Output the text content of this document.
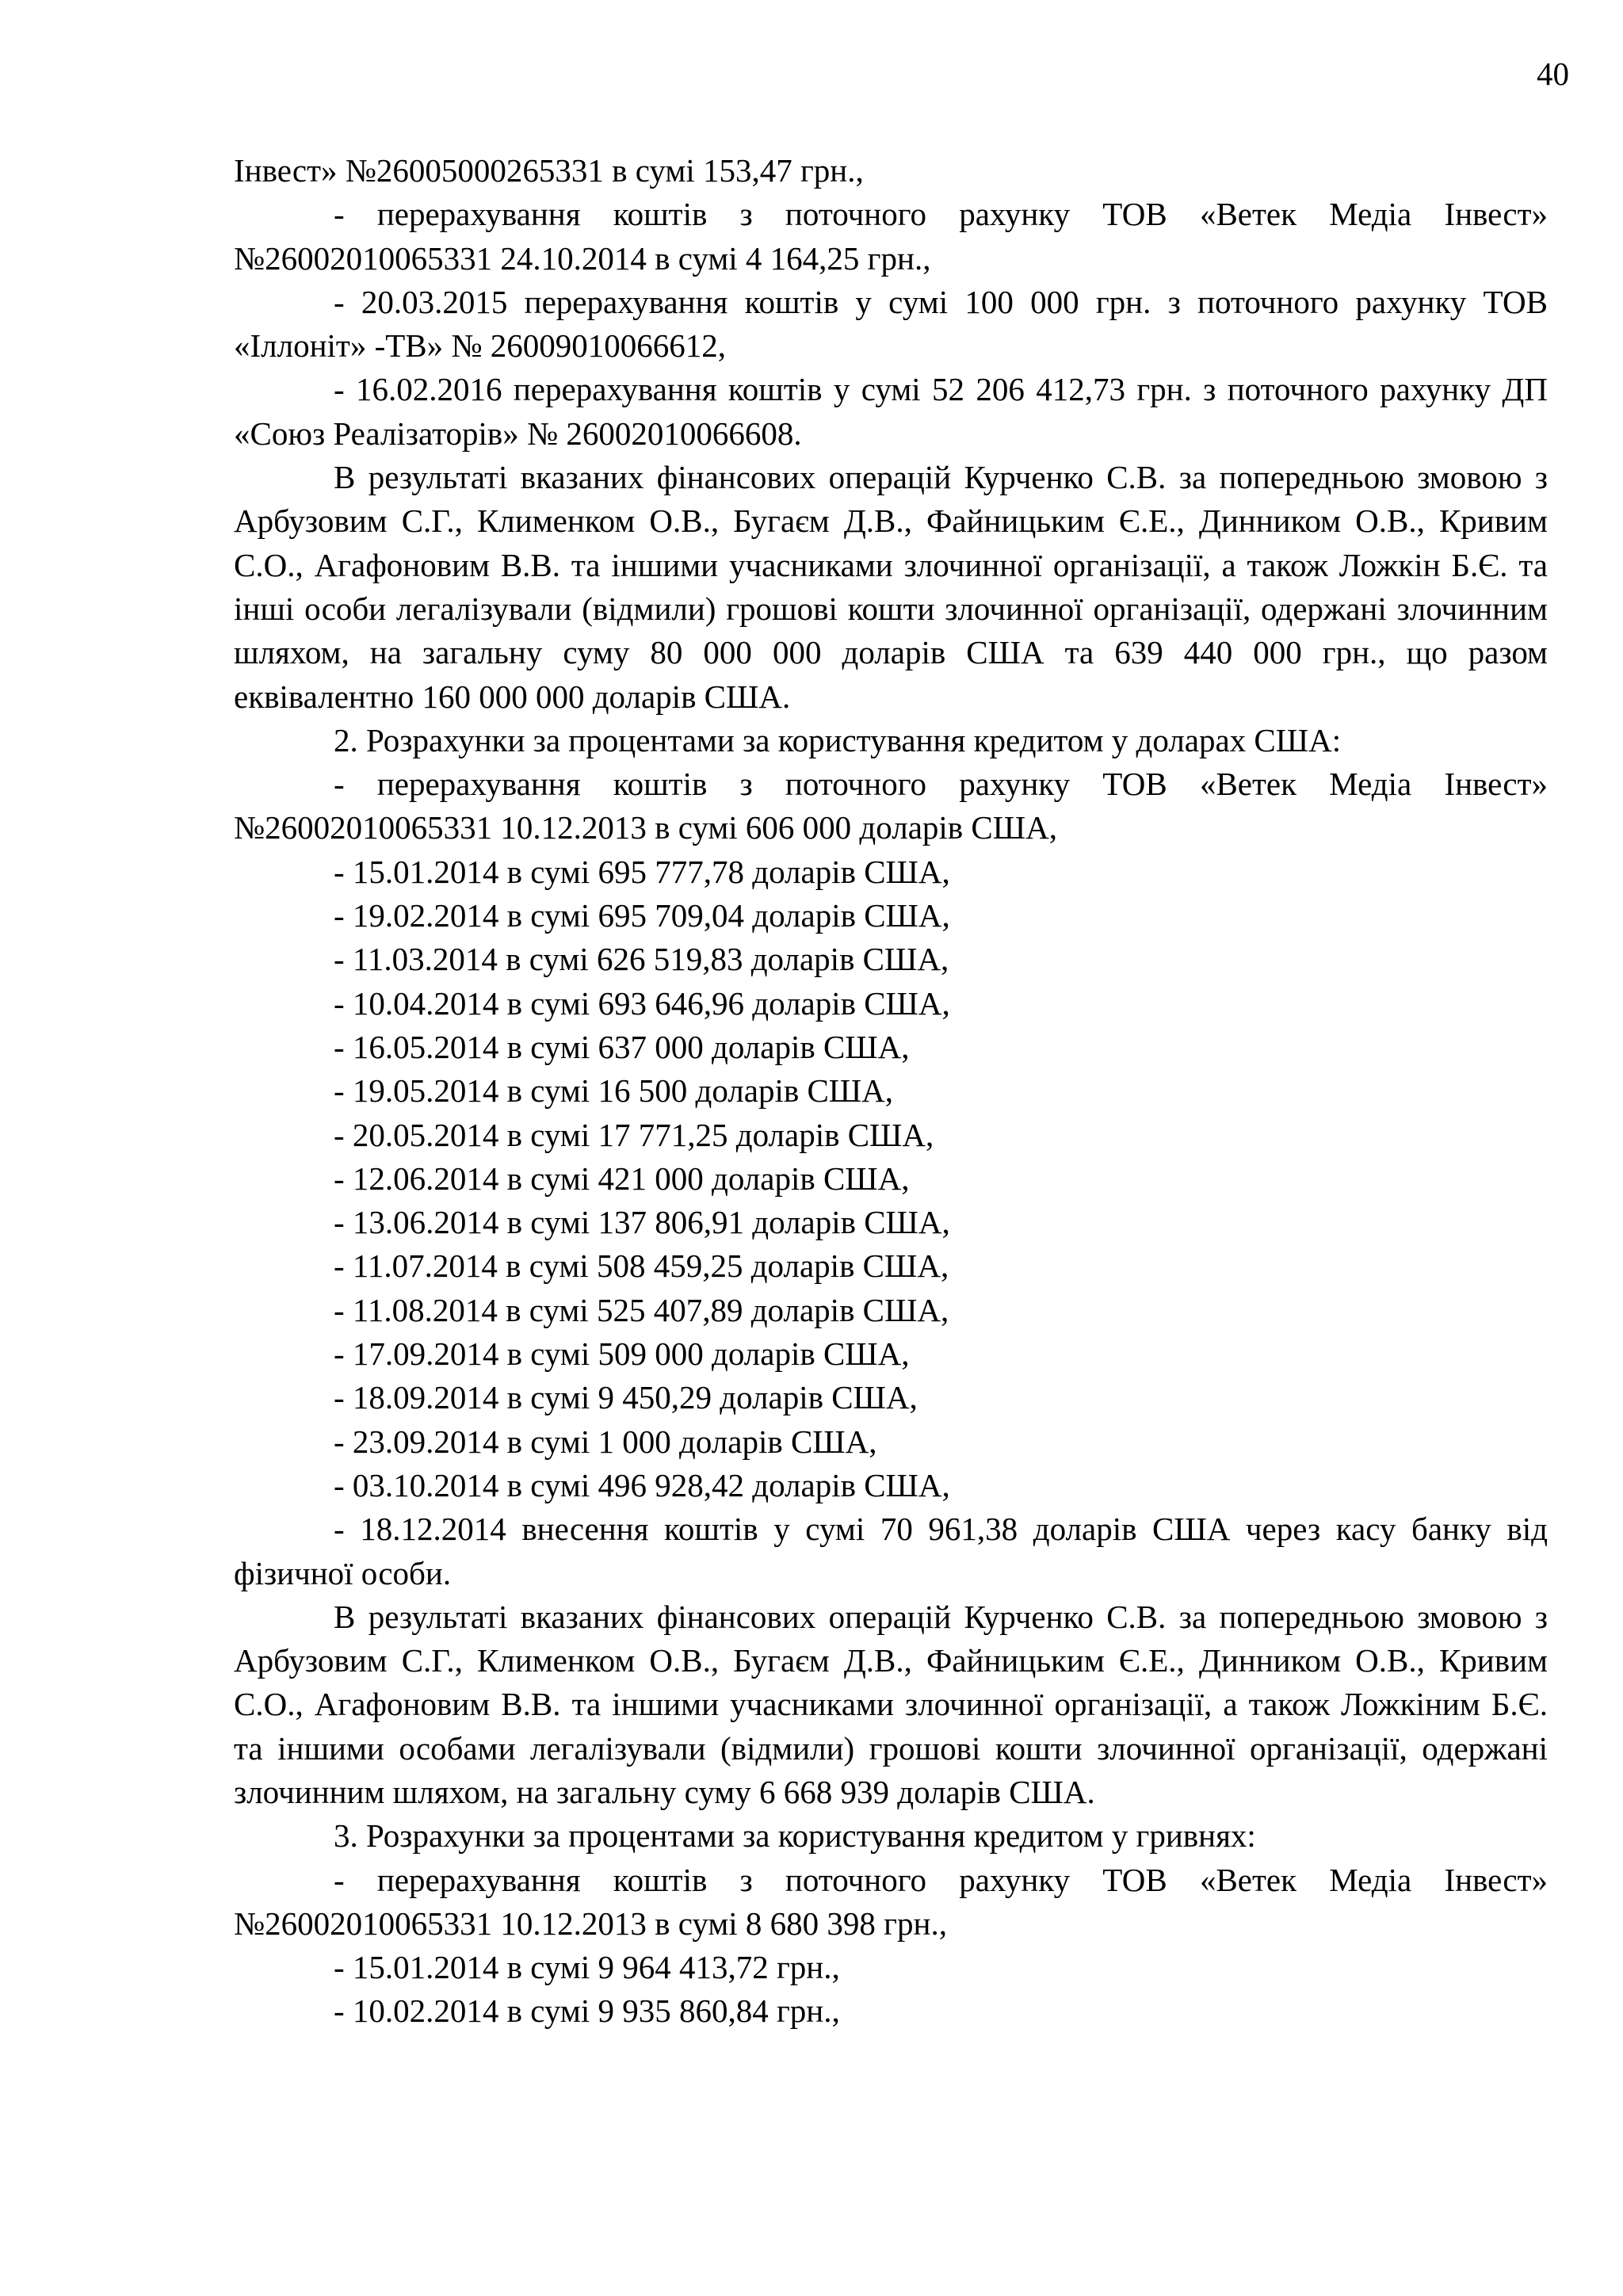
40
Інвест» №26005000265331 в сумі 153,47 грн.,
- перерахування коштів з поточного рахунку ТОВ «Ветек Медіа Інвест» №26002010065331 24.10.2014 в сумі 4 164,25 грн.,
- 20.03.2015 перерахування коштів у сумі 100 000 грн. з поточного рахунку ТОВ «Іллоніт» -ТВ» № 26009010066612,
- 16.02.2016 перерахування коштів у сумі 52 206 412,73 грн. з поточного рахунку ДП «Союз Реалізаторів» № 26002010066608.
В результаті вказаних фінансових операцій Курченко С.В. за попередньою змовою з Арбузовим С.Г., Клименком О.В., Бугаєм Д.В., Файницьким Є.Е., Динником О.В., Кривим С.О., Агафоновим В.В. та іншими учасниками злочинної організації, а також Ложкін Б.Є. та інші особи легалізували (відмили) грошові кошти злочинної організації, одержані злочинним шляхом, на загальну суму 80 000 000 доларів США та 639 440 000 грн., що разом еквівалентно 160 000 000 доларів США.
2. Розрахунки за процентами за користування кредитом у доларах США:
- перерахування коштів з поточного рахунку ТОВ «Ветек Медіа Інвест» №26002010065331 10.12.2013 в сумі 606 000 доларів США,
- 15.01.2014 в сумі 695 777,78 доларів США,
- 19.02.2014 в сумі 695 709,04 доларів США,
- 11.03.2014 в сумі 626 519,83 доларів США,
- 10.04.2014 в сумі 693 646,96 доларів США,
- 16.05.2014 в сумі 637 000 доларів США,
- 19.05.2014 в сумі 16 500 доларів США,
- 20.05.2014 в сумі 17 771,25 доларів США,
- 12.06.2014 в сумі 421 000 доларів США,
- 13.06.2014 в сумі 137 806,91 доларів США,
- 11.07.2014 в сумі 508 459,25 доларів США,
- 11.08.2014 в сумі 525 407,89 доларів США,
- 17.09.2014 в сумі 509 000 доларів США,
- 18.09.2014 в сумі 9 450,29 доларів США,
- 23.09.2014 в сумі 1 000 доларів США,
- 03.10.2014 в сумі 496 928,42 доларів США,
- 18.12.2014 внесення коштів у сумі 70 961,38 доларів США через касу банку від фізичної особи.
В результаті вказаних фінансових операцій Курченко С.В. за попередньою змовою з Арбузовим С.Г., Клименком О.В., Бугаєм Д.В., Файницьким Є.Е., Динником О.В., Кривим С.О., Агафоновим В.В. та іншими учасниками злочинної організації, а також Ложкіним Б.Є. та іншими особами легалізували (відмили) грошові кошти злочинної організації, одержані злочинним шляхом, на загальну суму 6 668 939 доларів США.
3. Розрахунки за процентами за користування кредитом у гривнях:
- перерахування коштів з поточного рахунку ТОВ «Ветек Медіа Інвест» №26002010065331 10.12.2013 в сумі 8 680 398 грн.,
- 15.01.2014 в сумі 9 964 413,72 грн.,
- 10.02.2014 в сумі 9 935 860,84 грн.,
